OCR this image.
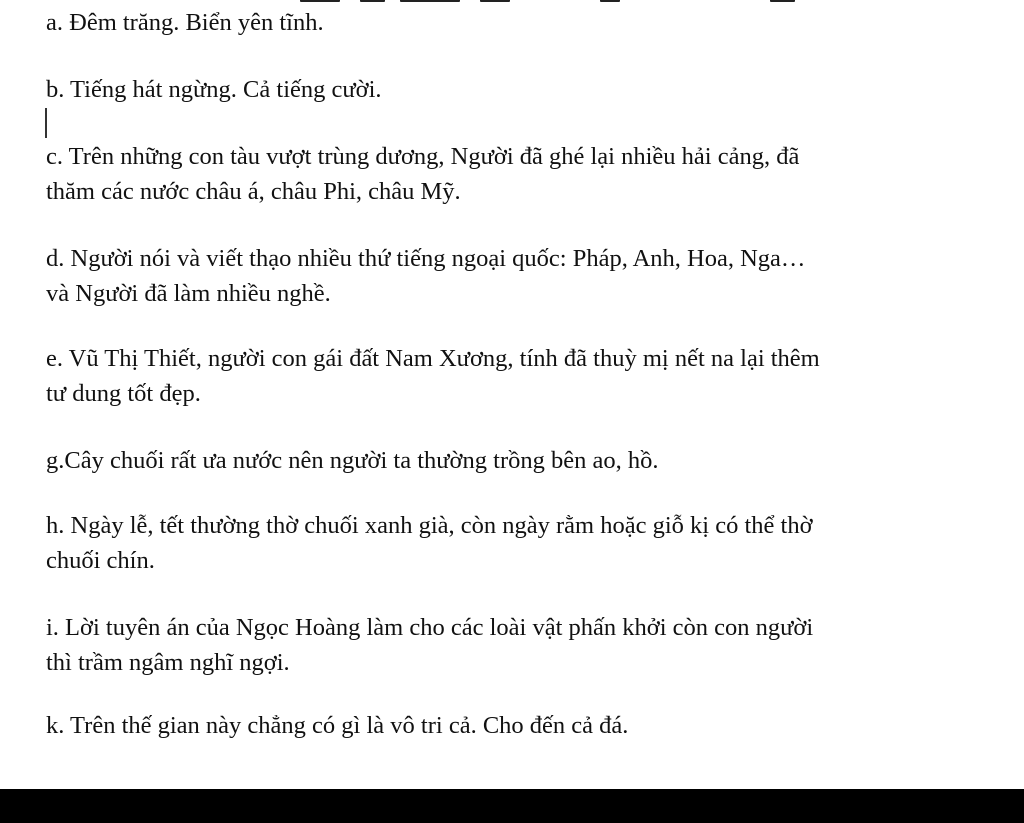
a. Đêm trăng. Biển yên tĩnh.

b. Tiếng hát ngừng. Cả tiếng cười.

c. Trên những con tàu vượt trùng dương, Người đã ghé lại nhiều hải cảng, đã
thăm các nước châu á, châu Phi, châu Mỹ.

d. Người nói và viết thạo nhiều thứ tiếng ngoại quốc: Pháp, Anh, Hoa, Nga…
và Người đã làm nhiều nghề.

e. Vũ Thị Thiết, người con gái đất Nam Xương, tính đã thuỳ mị nết na lại thêm
tư dung tốt đẹp.

g.Cây chuối rất ưa nước nên người ta thường trồng bên ao, hồ.

h. Ngày lễ, tết thường thờ chuối xanh già, còn ngày rằm hoặc giỗ kị có thể thờ
chuối chín.

i. Lời tuyên án của Ngọc Hoàng làm cho các loài vật phấn khởi còn con người
thì trầm ngâm nghĩ ngợi.

k. Trên thế gian này chẳng có gì là vô tri cả. Cho đến cả đá.
